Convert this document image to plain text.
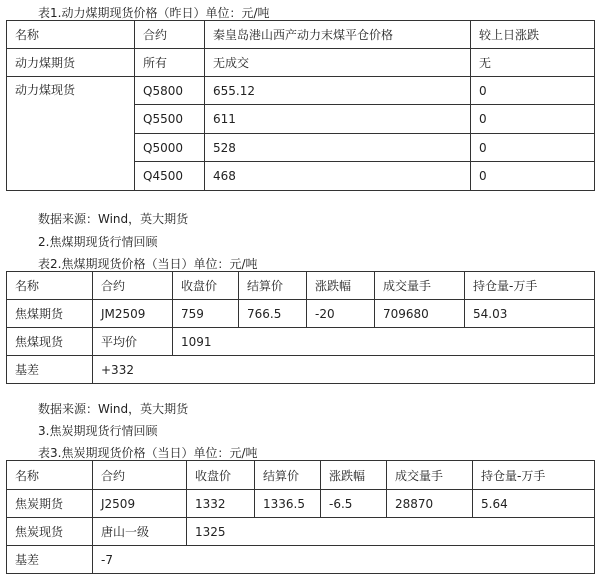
表1.动力煤期现货价格（昨日）单位：元/吨
名称	合约	秦皇岛港山西产动力末煤平仓价格	较上日涨跌
动力煤期货	所有	无成交	无
动力煤现货	Q5800	655.12	0
	Q5500	611	0
	Q5000	528	0
	Q4500	468	0
数据来源：Wind，英大期货
2.焦煤期现货行情回顾
表2.焦煤期现货价格（当日）单位：元/吨
名称	合约	收盘价	结算价	涨跌幅	成交量手	持仓量-万手
焦煤期货	JM2509	759	766.5	-20	709680	54.03
焦煤现货	平均价	1091				
基差	+332					
数据来源：Wind，英大期货
3.焦炭期现货行情回顾
表3.焦炭期现货价格（当日）单位：元/吨
名称	合约	收盘价	结算价	涨跌幅	成交量手	持仓量-万手
焦炭期货	J2509	1332	1336.5	-6.5	28870	5.64
焦炭现货	唐山一级	1325				
基差	-7					
